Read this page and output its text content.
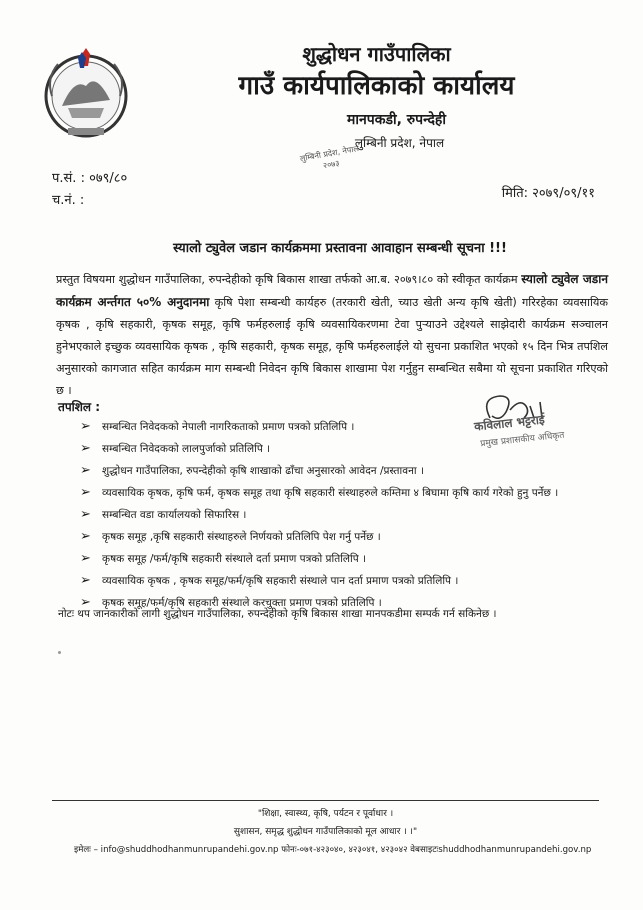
शुद्धोधन गाउँपालिका
गाउँ कार्यपालिकाको कार्यालय
मानपकडी, रुपन्देही
लुम्बिनी प्रदेश, नेपाल
लुम्बिनी प्रदेश, नेपाल २०७३
प.सं. : ०७९/८०
च.नं. :	मिति: २०७९/०९/११
स्यालो ट्युवेल जडान कार्यक्रममा प्रस्तावना आवाहान सम्बन्धी सूचना !!!
प्रस्तुत विषयमा शुद्धोधन गाउँपालिका, रुपन्देहीको कृषि बिकास शाखा तर्फको आ.ब. २०७९।८० को स्वीकृत कार्यक्रम स्यालो ट्युवेल जडान कार्यक्रम अर्न्तगत ५०% अनुदानमा कृषि पेशा सम्बन्धी कार्यहरु (तरकारी खेती, च्याउ खेती अन्य कृषि खेती) गरिरहेका व्यवसायिक कृषक , कृषि सहकारी, कृषक समूह, कृषि फर्महरुलाई कृषि व्यवसायिकरणमा टेवा पुऱ्याउने उद्देश्यले साझेदारी कार्यक्रम सञ्चालन हुनेभएकाले इच्छुक व्यवसायिक कृषक , कृषि सहकारी, कृषक समूह, कृषि फर्महरुलाईले यो सुचना प्रकाशित भएको १५ दिन भित्र तपशिल अनुसारको कागजात सहित कार्यक्रम माग सम्बन्धी निवेदन कृषि बिकास शाखामा पेश गर्नुहुन सम्बन्धित सबैमा यो सूचना प्रकाशित गरिएको छ ।
तपशिल :
कविलाल भट्टराई
प्रमुख प्रशासकीय अधिकृत
➢ सम्बन्धित निवेदकको नेपाली नागरिकताको प्रमाण पत्रको प्रतिलिपि ।
➢ सम्बन्धित निवेदकको लालपुर्जाको प्रतिलिपि ।
➢ शुद्धोधन गाउँपालिका, रुपन्देहीको कृषि शाखाको ढाँचा अनुसारको आवेदन /प्रस्तावना ।
➢ व्यवसायिक कृषक, कृषि फर्म, कृषक समूह तथा कृषि सहकारी संस्थाहरुले कम्तिमा ४ बिघामा कृषि कार्य गरेको हुनु पर्नेछ ।
➢ सम्बन्धित वडा कार्यालयको सिफारिस ।
➢ कृषक समूह ,कृषि सहकारी संस्थाहरुले निर्णयको प्रतिलिपि पेश गर्नु पर्नेछ ।
➢ कृषक समूह /फर्म/कृषि सहकारी संस्थाले दर्ता प्रमाण पत्रको प्रतिलिपि ।
➢ व्यवसायिक कृषक , कृषक समूह/फर्म/कृषि सहकारी संस्थाले पान दर्ता प्रमाण पत्रको प्रतिलिपि ।
➢ कृषक समूह/फर्म/कृषि सहकारी संस्थाले करचुक्ता प्रमाण पत्रको प्रतिलिपि ।
नोटः थप जानकारीको लागी शुद्धोधन गाउँपालिका, रुपन्देहीको कृषि बिकास शाखा मानपकडीमा सम्पर्क गर्न सकिनेछ ।
"शिक्षा, स्वास्थ्य, कृषि, पर्यटन र पूर्वाधार ।
सुशासन, समृद्ध शुद्धोधन गाउँपालिकाको मूल आधार । ।"
इमेलः – info@shuddhodhanmunrupandehi.gov.np फोनः-०७१-४२३०४०, ४२३०४१, ४२३०४२ वेबसाइटःshuddhodhanmunrupandehi.gov.np
